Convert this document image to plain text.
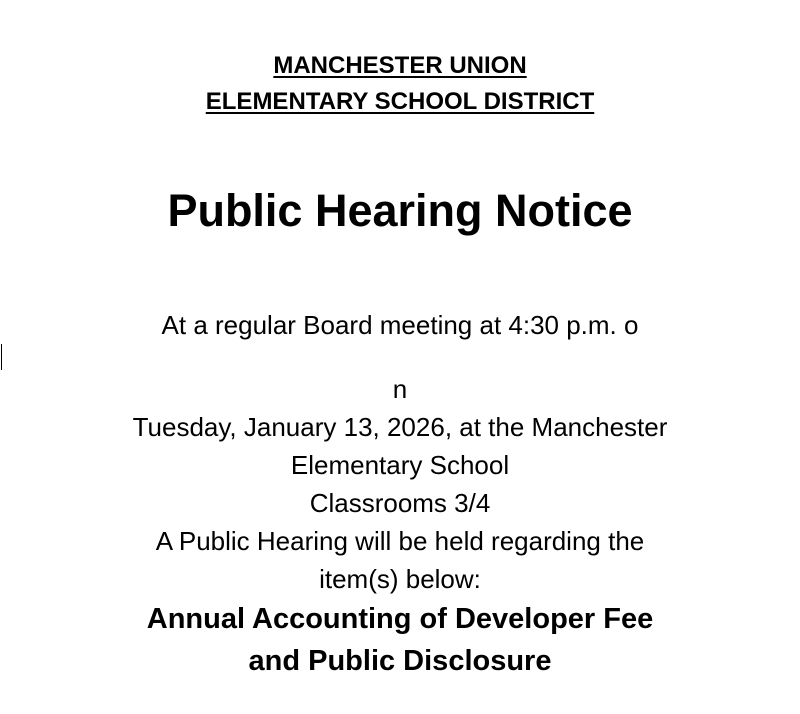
MANCHESTER UNION
ELEMENTARY SCHOOL DISTRICT
Public Hearing Notice
At a regular Board meeting at 4:30 p.m. o
n
Tuesday, January 13, 2026, at the Manchester
Elementary School
Classrooms 3/4
A Public Hearing will be held regarding the
item(s) below:
Annual Accounting of Developer Fee
and Public Disclosure
